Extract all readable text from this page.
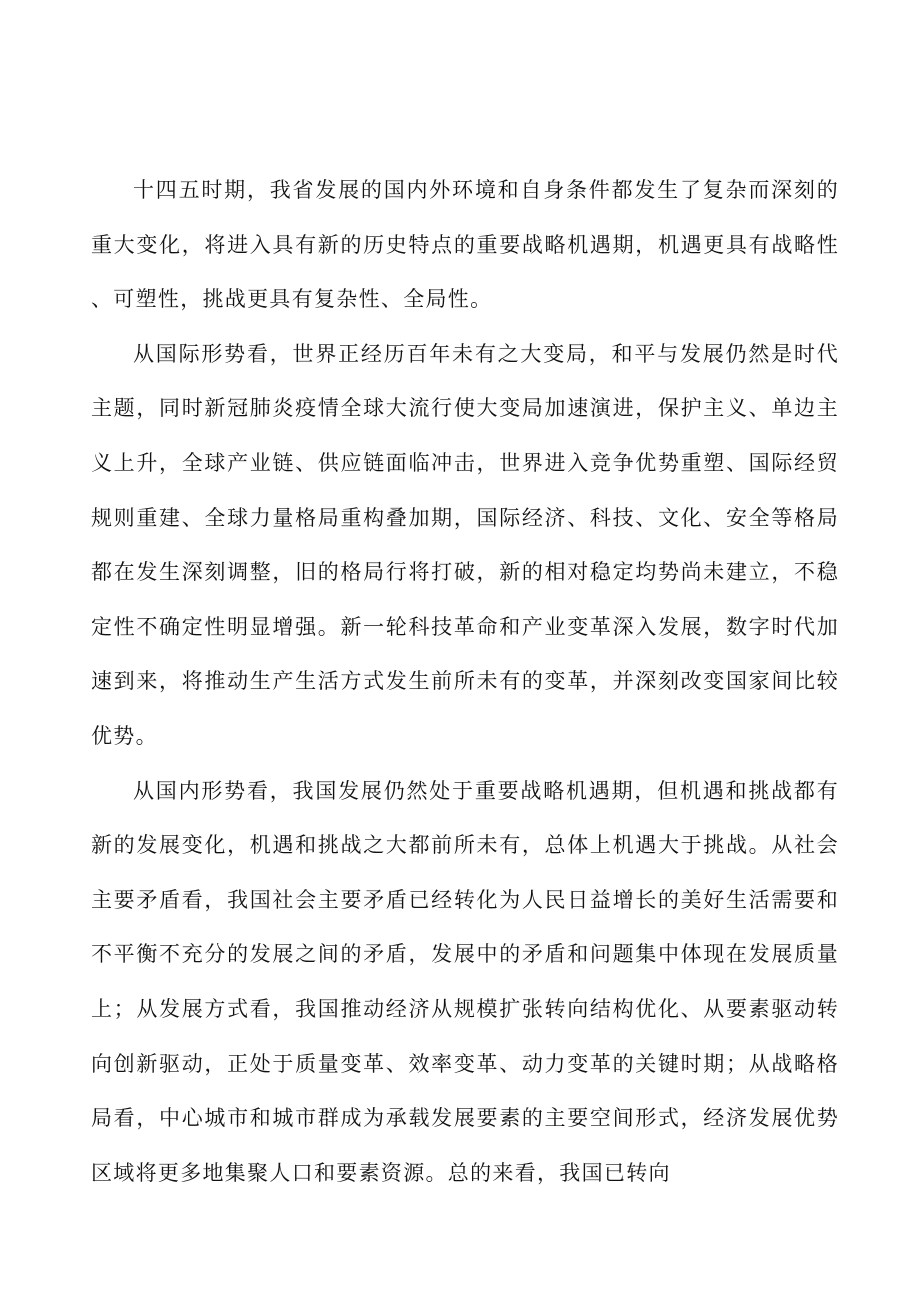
十四五时期，我省发展的国内外环境和自身条件都发生了复杂而深刻的重大变化，将进入具有新的历史特点的重要战略机遇期，机遇更具有战略性、可塑性，挑战更具有复杂性、全局性。

从国际形势看，世界正经历百年未有之大变局，和平与发展仍然是时代主题，同时新冠肺炎疫情全球大流行使大变局加速演进，保护主义、单边主义上升，全球产业链、供应链面临冲击，世界进入竞争优势重塑、国际经贸规则重建、全球力量格局重构叠加期，国际经济、科技、文化、安全等格局都在发生深刻调整，旧的格局行将打破，新的相对稳定均势尚未建立，不稳定性不确定性明显增强。新一轮科技革命和产业变革深入发展，数字时代加速到来，将推动生产生活方式发生前所未有的变革，并深刻改变国家间比较优势。

从国内形势看，我国发展仍然处于重要战略机遇期，但机遇和挑战都有新的发展变化，机遇和挑战之大都前所未有，总体上机遇大于挑战。从社会主要矛盾看，我国社会主要矛盾已经转化为人民日益增长的美好生活需要和不平衡不充分的发展之间的矛盾，发展中的矛盾和问题集中体现在发展质量上；从发展方式看，我国推动经济从规模扩张转向结构优化、从要素驱动转向创新驱动，正处于质量变革、效率变革、动力变革的关键时期；从战略格局看，中心城市和城市群成为承载发展要素的主要空间形式，经济发展优势区域将更多地集聚人口和要素资源。总的来看，我国已转向
